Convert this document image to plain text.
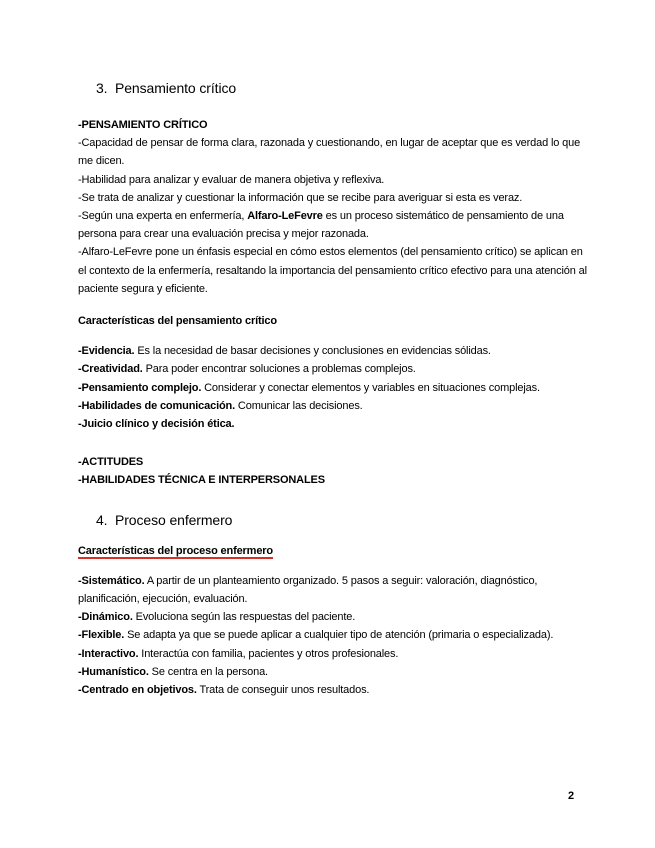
3. Pensamiento crítico

-PENSAMIENTO CRÍTICO

-Capacidad de pensar de forma clara, razonada y cuestionando, en lugar de aceptar que es verdad lo que me dicen.

-Habilidad para analizar y evaluar de manera objetiva y reflexiva.

-Se trata de analizar y cuestionar la información que se recibe para averiguar si esta es veraz.

-Según una experta en enfermería, Alfaro-LeFevre es un proceso sistemático de pensamiento de una persona para crear una evaluación precisa y mejor razonada.

-Alfaro-LeFevre pone un énfasis especial en cómo estos elementos (del pensamiento crítico) se aplican en el contexto de la enfermería, resaltando la importancia del pensamiento crítico efectivo para una atención al paciente segura y eficiente.

Características del pensamiento crítico

-Evidencia. Es la necesidad de basar decisiones y conclusiones en evidencias sólidas.

-Creatividad. Para poder encontrar soluciones a problemas complejos.

-Pensamiento complejo. Considerar y conectar elementos y variables en situaciones complejas.

-Habilidades de comunicación. Comunicar las decisiones.

-Juicio clínico y decisión ética.

-ACTITUDES

-HABILIDADES TÉCNICA E INTERPERSONALES

4. Proceso enfermero

Características del proceso enfermero

-Sistemático. A partir de un planteamiento organizado. 5 pasos a seguir: valoración, diagnóstico, planificación, ejecución, evaluación.

-Dinámico. Evoluciona según las respuestas del paciente.

-Flexible. Se adapta ya que se puede aplicar a cualquier tipo de atención (primaria o especializada).

-Interactivo. Interactúa con familia, pacientes y otros profesionales.

-Humanístico. Se centra en la persona.

-Centrado en objetivos. Trata de conseguir unos resultados.

2
